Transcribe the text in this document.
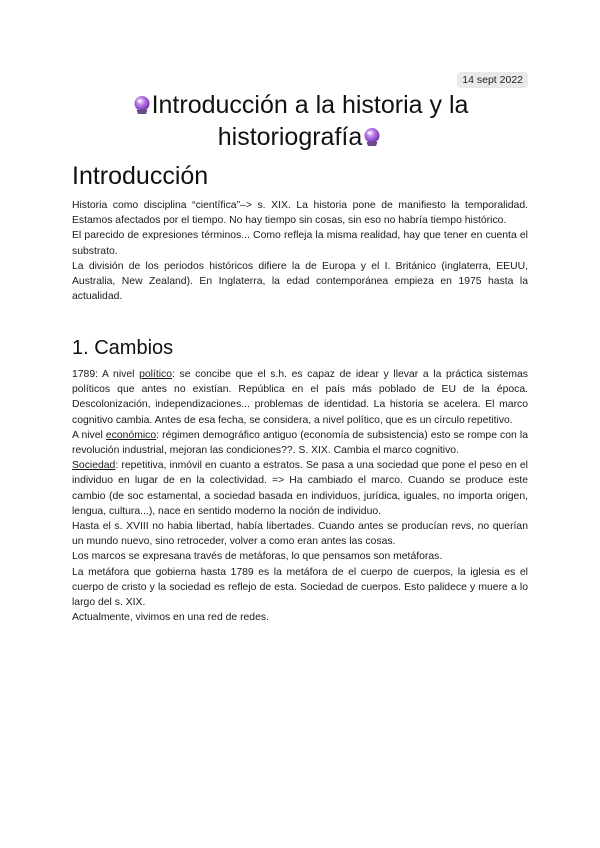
14 sept 2022
Introducción a la historia y la
historiografía
Introducción

Historia como disciplina “científica”–> s. XIX. La historia pone de manifiesto la temporalidad. Estamos afectados por el tiempo. No hay tiempo sin cosas, sin eso no habría tiempo histórico.

El parecido de expresiones términos... Como refleja la misma realidad, hay que tener en cuenta el substrato.

La división de los periodos históricos difiere la de Europa y el I. Británico (inglaterra, EEUU, Australia, New Zealand). En Inglaterra, la edad contemporánea empieza en 1975 hasta la actualidad.

1. Cambios

1789: A nivel político: se concibe que el s.h. es capaz de idear y llevar a la práctica sistemas políticos que antes no existían. República en el país más poblado de EU de la época. Descolonización, independizaciones... problemas de identidad. La historia se acelera. El marco cognitivo cambia. Antes de esa fecha, se considera, a nivel político, que es un círculo repetitivo.

A nivel económico: régimen demográfico antiguo (economía de subsistencia) esto se rompe con la revolución industrial, mejoran las condiciones??. S. XIX. Cambia el marco cognitivo.

Sociedad: repetitiva, inmóvil en cuanto a estratos. Se pasa a una sociedad que pone el peso en el individuo en lugar de en la colectividad. => Ha cambiado el marco. Cuando se produce este cambio (de soc estamental, a sociedad basada en individuos, jurídica, iguales, no importa origen, lengua, cultura...), nace en sentido moderno la noción de individuo.

Hasta el s. XVIII no habia libertad, había libertades. Cuando antes se producían revs, no querían un mundo nuevo, sino retroceder, volver a como eran antes las cosas.

Los marcos se expresana través de metáforas, lo que pensamos son metáforas.

La metáfora que gobierna hasta 1789 es la metáfora de el cuerpo de cuerpos, la iglesia es el cuerpo de cristo y la sociedad es reflejo de esta. Sociedad de cuerpos. Esto palidece y muere a lo largo del s. XIX.

Actualmente, vivimos en una red de redes.
